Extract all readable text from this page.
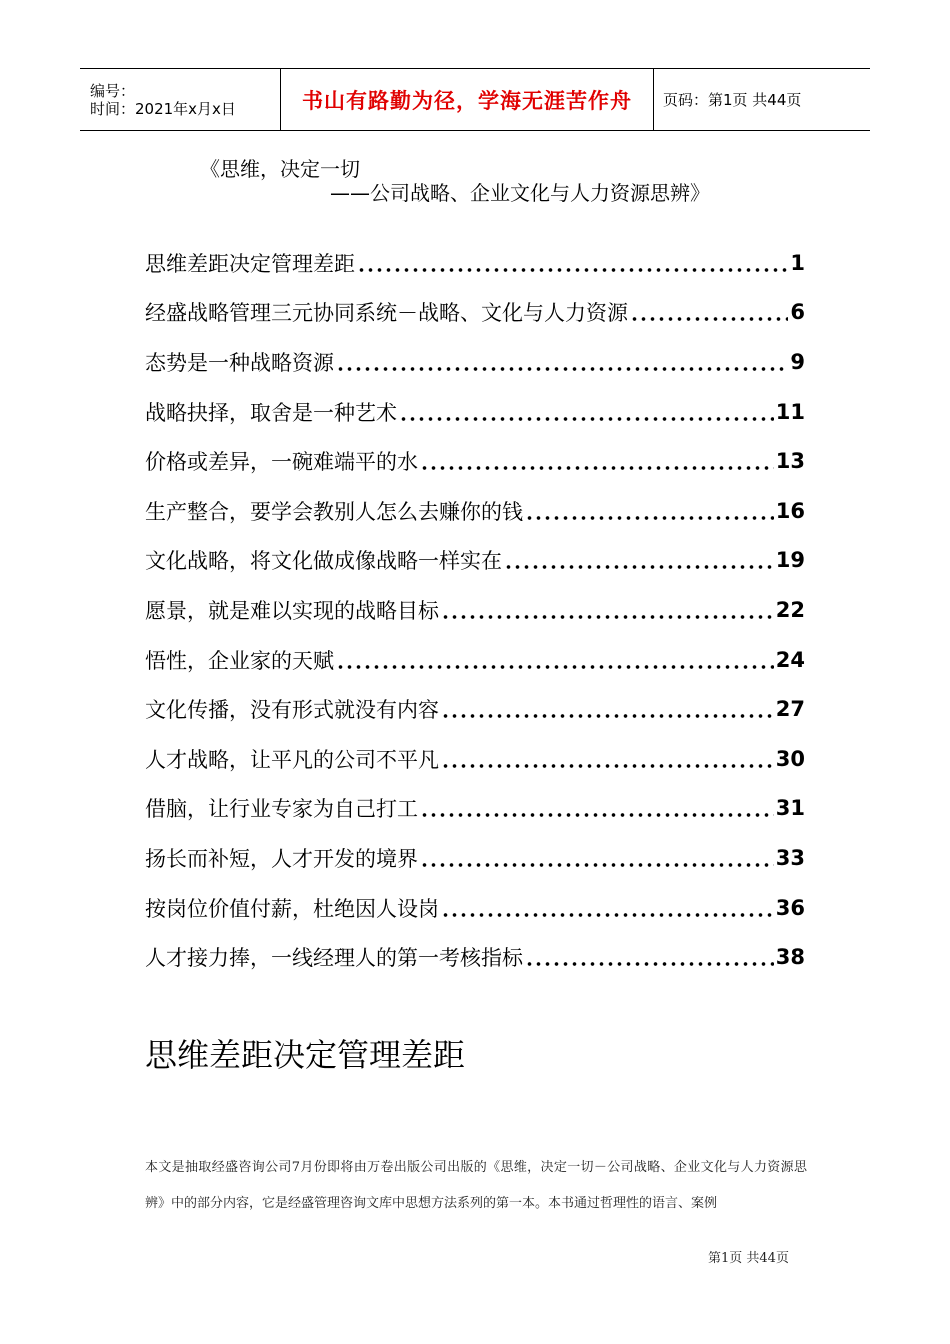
编号：
时间：2021年x月x日	书山有路勤为径，学海无涯苦作舟	页码：第1页 共44页
《思维，决定一切
——公司战略、企业文化与人力资源思辨》
思维差距决定管理差距	1
经盛战略管理三元协同系统－战略、文化与人力资源	6
态势是一种战略资源	9
战略抉择，取舍是一种艺术	11
价格或差异，一碗难端平的水	13
生产整合，要学会教别人怎么去赚你的钱	16
文化战略，将文化做成像战略一样实在	19
愿景，就是难以实现的战略目标	22
悟性，企业家的天赋	24
文化传播，没有形式就没有内容	27
人才战略，让平凡的公司不平凡	30
借脑，让行业专家为自己打工	31
扬长而补短，人才开发的境界	33
按岗位价值付薪，杜绝因人设岗	36
人才接力捧，一线经理人的第一考核指标	38
思维差距决定管理差距
本文是抽取经盛咨询公司7月份即将由万卷出版公司出版的《思维，决定一切－公司战略、企业文化与人力资源思辨》中的部分内容，它是经盛管理咨询文库中思想方法系列的第一本。本书通过哲理性的语言、案例
第1页 共44页
